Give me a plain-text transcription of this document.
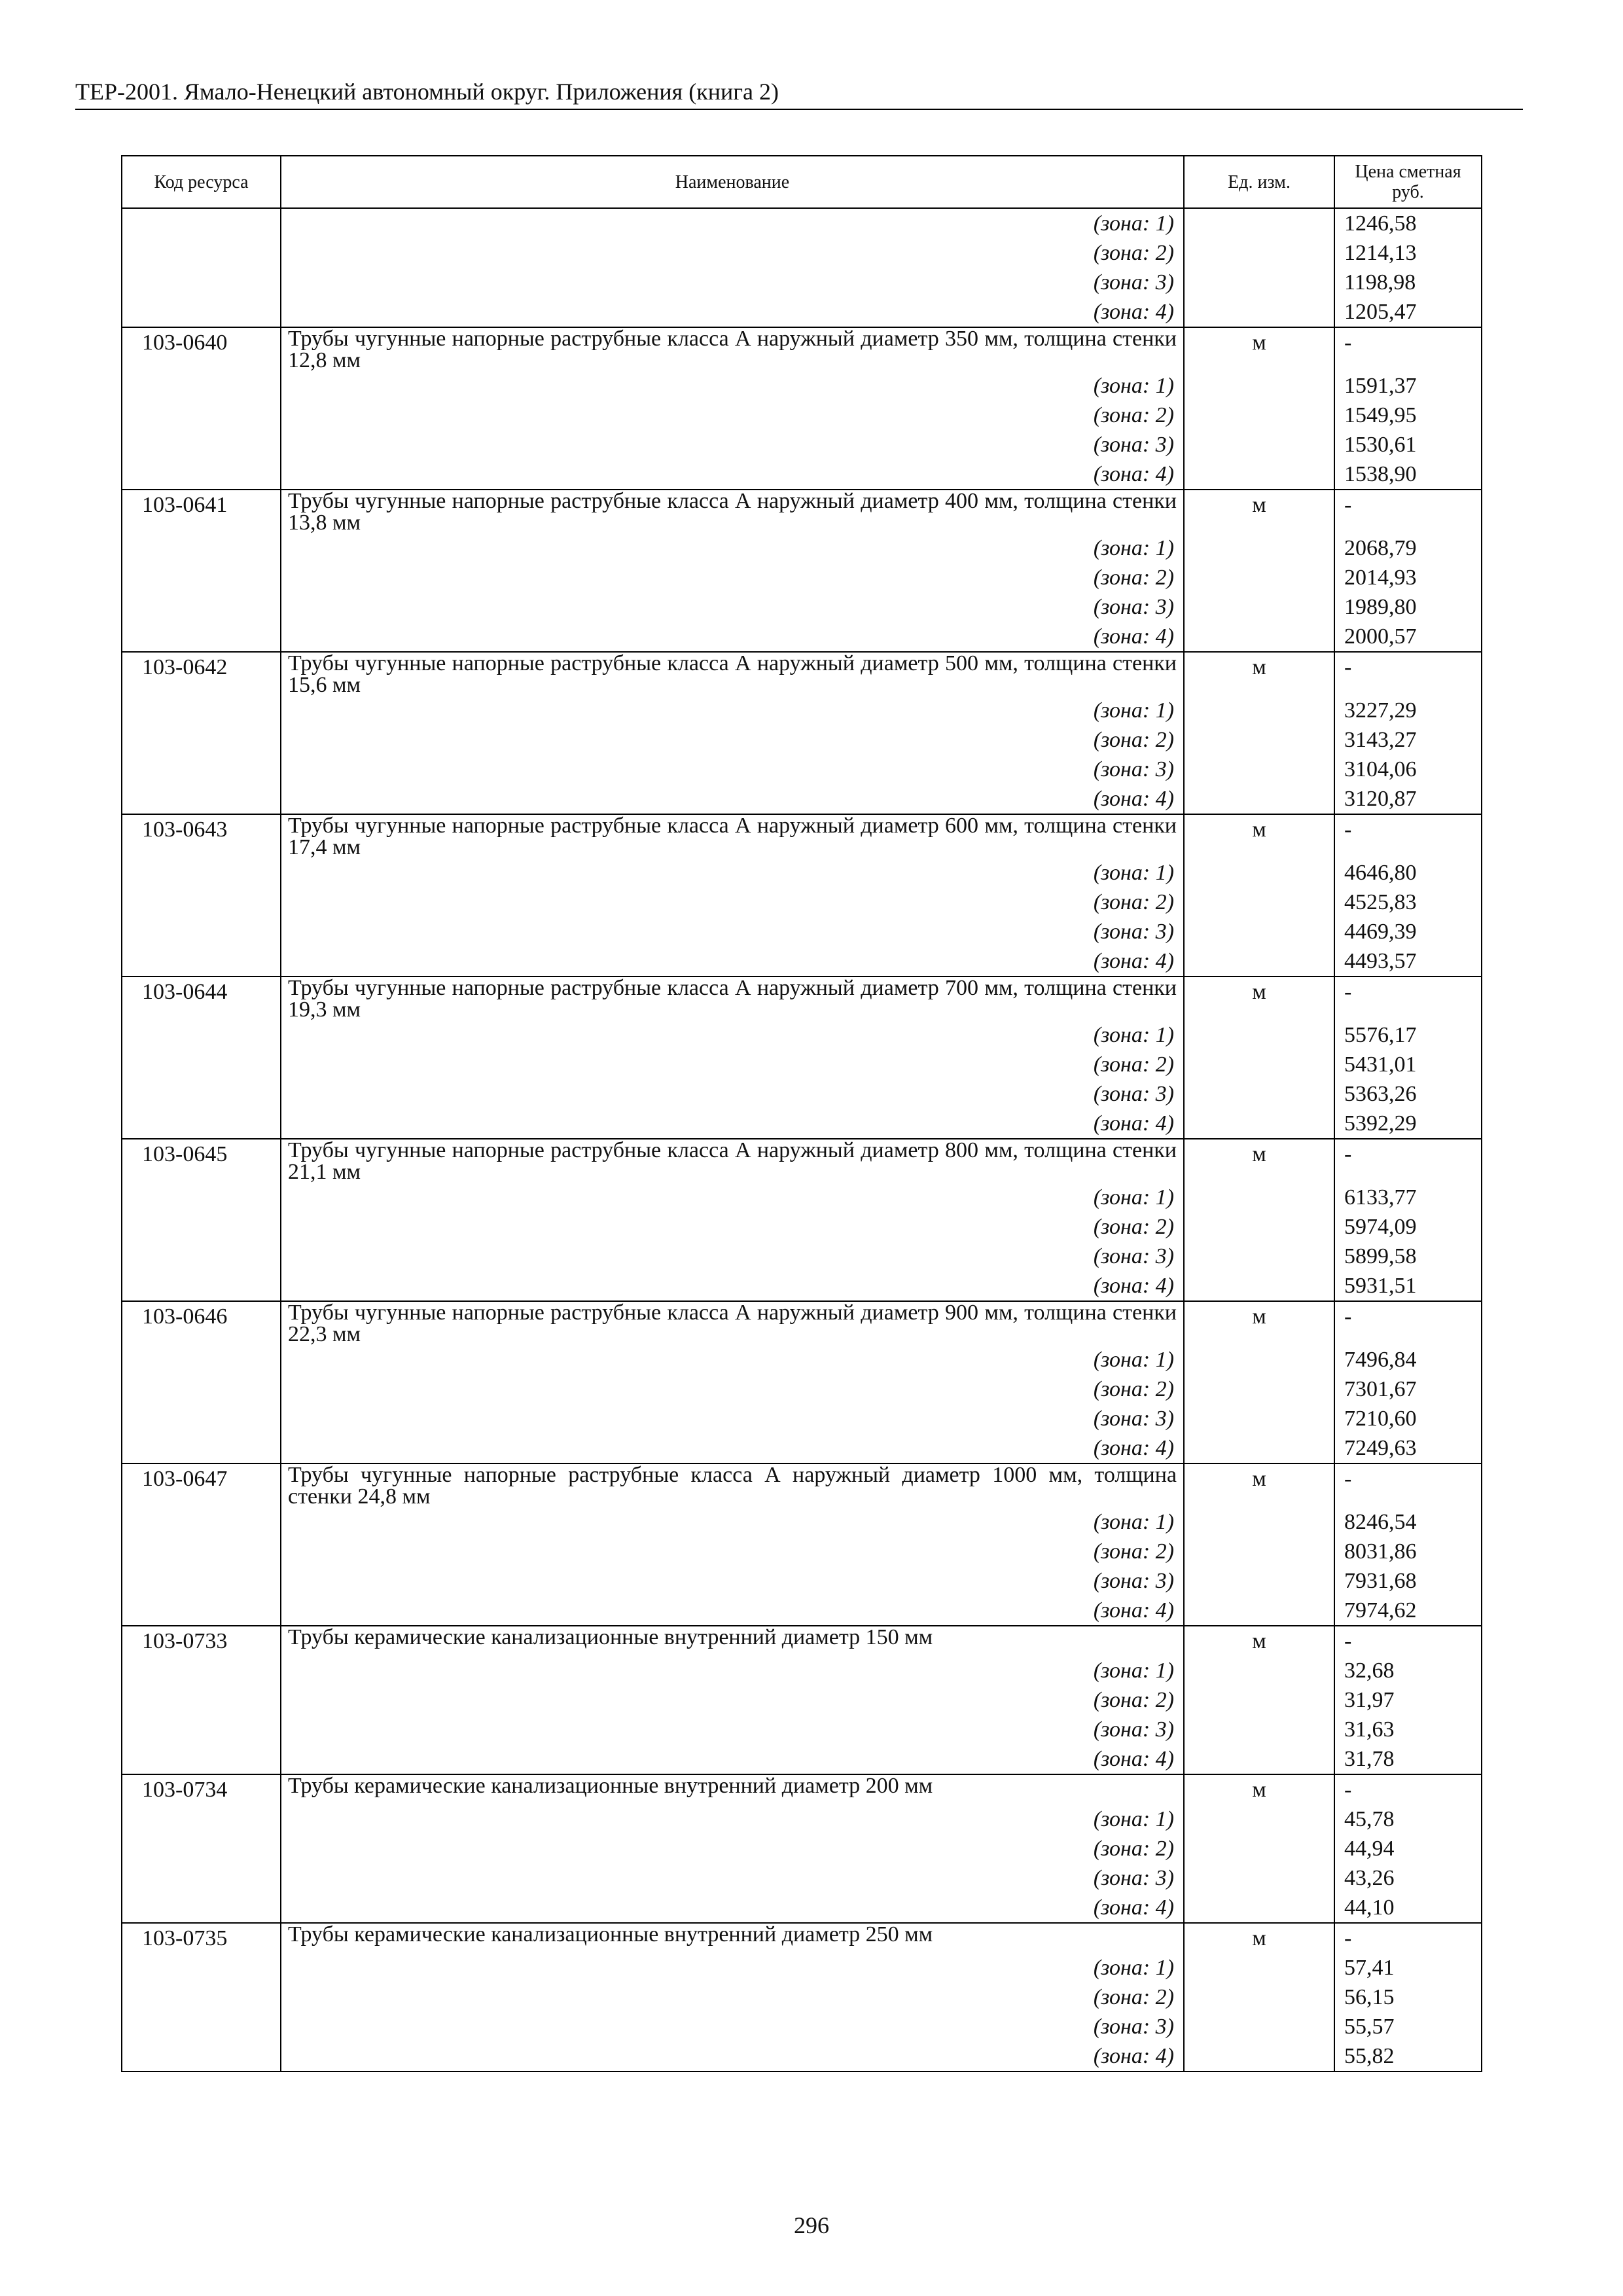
ТЕР-2001. Ямало-Ненецкий автономный округ. Приложения (книга 2)
Код ресурса	Наименование	Ед. изм.	Цена сметная руб.
	(зона: 1)		1246,58
	(зона: 2)		1214,13
	(зона: 3)		1198,98
	(зона: 4)		1205,47
103-0640	Трубы чугунные напорные раструбные класса А наружный диаметр 350 мм, толщина стенки 12,8 мм	м	-
	(зона: 1)		1591,37
	(зона: 2)		1549,95
	(зона: 3)		1530,61
	(зона: 4)		1538,90
103-0641	Трубы чугунные напорные раструбные класса А наружный диаметр 400 мм, толщина стенки 13,8 мм	м	-
	(зона: 1)		2068,79
	(зона: 2)		2014,93
	(зона: 3)		1989,80
	(зона: 4)		2000,57
103-0642	Трубы чугунные напорные раструбные класса А наружный диаметр 500 мм, толщина стенки 15,6 мм	м	-
	(зона: 1)		3227,29
	(зона: 2)		3143,27
	(зона: 3)		3104,06
	(зона: 4)		3120,87
103-0643	Трубы чугунные напорные раструбные класса А наружный диаметр 600 мм, толщина стенки 17,4 мм	м	-
	(зона: 1)		4646,80
	(зона: 2)		4525,83
	(зона: 3)		4469,39
	(зона: 4)		4493,57
103-0644	Трубы чугунные напорные раструбные класса А наружный диаметр 700 мм, толщина стенки 19,3 мм	м	-
	(зона: 1)		5576,17
	(зона: 2)		5431,01
	(зона: 3)		5363,26
	(зона: 4)		5392,29
103-0645	Трубы чугунные напорные раструбные класса А наружный диаметр 800 мм, толщина стенки 21,1 мм	м	-
	(зона: 1)		6133,77
	(зона: 2)		5974,09
	(зона: 3)		5899,58
	(зона: 4)		5931,51
103-0646	Трубы чугунные напорные раструбные класса А наружный диаметр 900 мм, толщина стенки 22,3 мм	м	-
	(зона: 1)		7496,84
	(зона: 2)		7301,67
	(зона: 3)		7210,60
	(зона: 4)		7249,63
103-0647	Трубы чугунные напорные раструбные класса А наружный диаметр 1000 мм, толщина стенки 24,8 мм	м	-
	(зона: 1)		8246,54
	(зона: 2)		8031,86
	(зона: 3)		7931,68
	(зона: 4)		7974,62
103-0733	Трубы керамические канализационные внутренний диаметр 150 мм	м	-
	(зона: 1)		32,68
	(зона: 2)		31,97
	(зона: 3)		31,63
	(зона: 4)		31,78
103-0734	Трубы керамические канализационные внутренний диаметр 200 мм	м	-
	(зона: 1)		45,78
	(зона: 2)		44,94
	(зона: 3)		43,26
	(зона: 4)		44,10
103-0735	Трубы керамические канализационные внутренний диаметр 250 мм	м	-
	(зона: 1)		57,41
	(зона: 2)		56,15
	(зона: 3)		55,57
	(зона: 4)		55,82
296
